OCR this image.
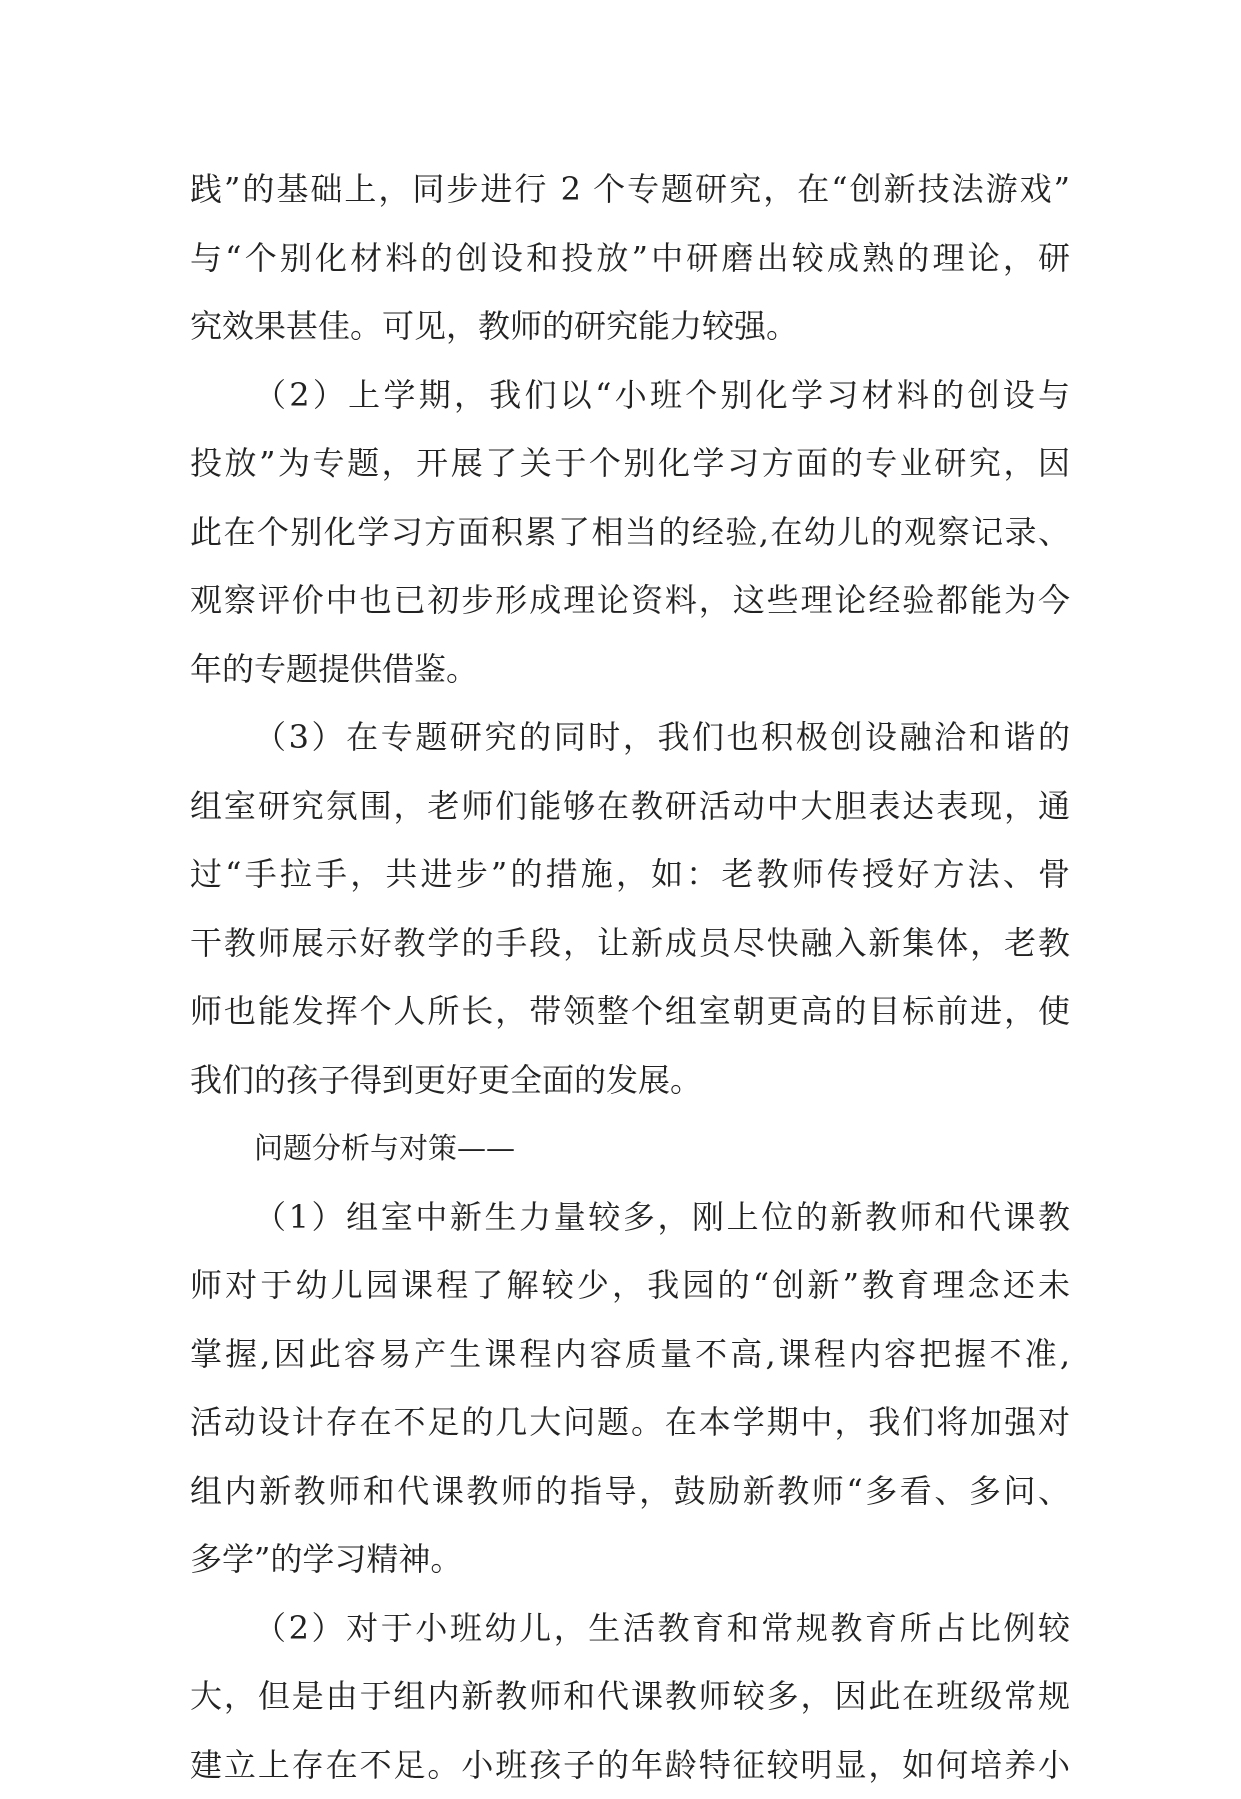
践”的基础上，同步进行 2 个专题研究，在“创新技法游戏”
与“个别化材料的创设和投放”中研磨出较成熟的理论，研
究效果甚佳。可见，教师的研究能力较强。
（2）上学期，我们以“小班个别化学习材料的创设与
投放”为专题，开展了关于个别化学习方面的专业研究，因
此在个别化学习方面积累了相当的经验,在幼儿的观察记录、
观察评价中也已初步形成理论资料，这些理论经验都能为今
年的专题提供借鉴。
（3）在专题研究的同时，我们也积极创设融洽和谐的
组室研究氛围，老师们能够在教研活动中大胆表达表现，通
过“手拉手，共进步”的措施，如：老教师传授好方法、骨
干教师展示好教学的手段，让新成员尽快融入新集体，老教
师也能发挥个人所长，带领整个组室朝更高的目标前进，使
我们的孩子得到更好更全面的发展。
问题分析与对策——
（1）组室中新生力量较多，刚上位的新教师和代课教
师对于幼儿园课程了解较少，我园的“创新”教育理念还未
掌握,因此容易产生课程内容质量不高,课程内容把握不准,
活动设计存在不足的几大问题。在本学期中，我们将加强对
组内新教师和代课教师的指导，鼓励新教师“多看、多问、
多学”的学习精神。
（2）对于小班幼儿，生活教育和常规教育所占比例较
大，但是由于组内新教师和代课教师较多，因此在班级常规
建立上存在不足。小班孩子的年龄特征较明显，如何培养小
